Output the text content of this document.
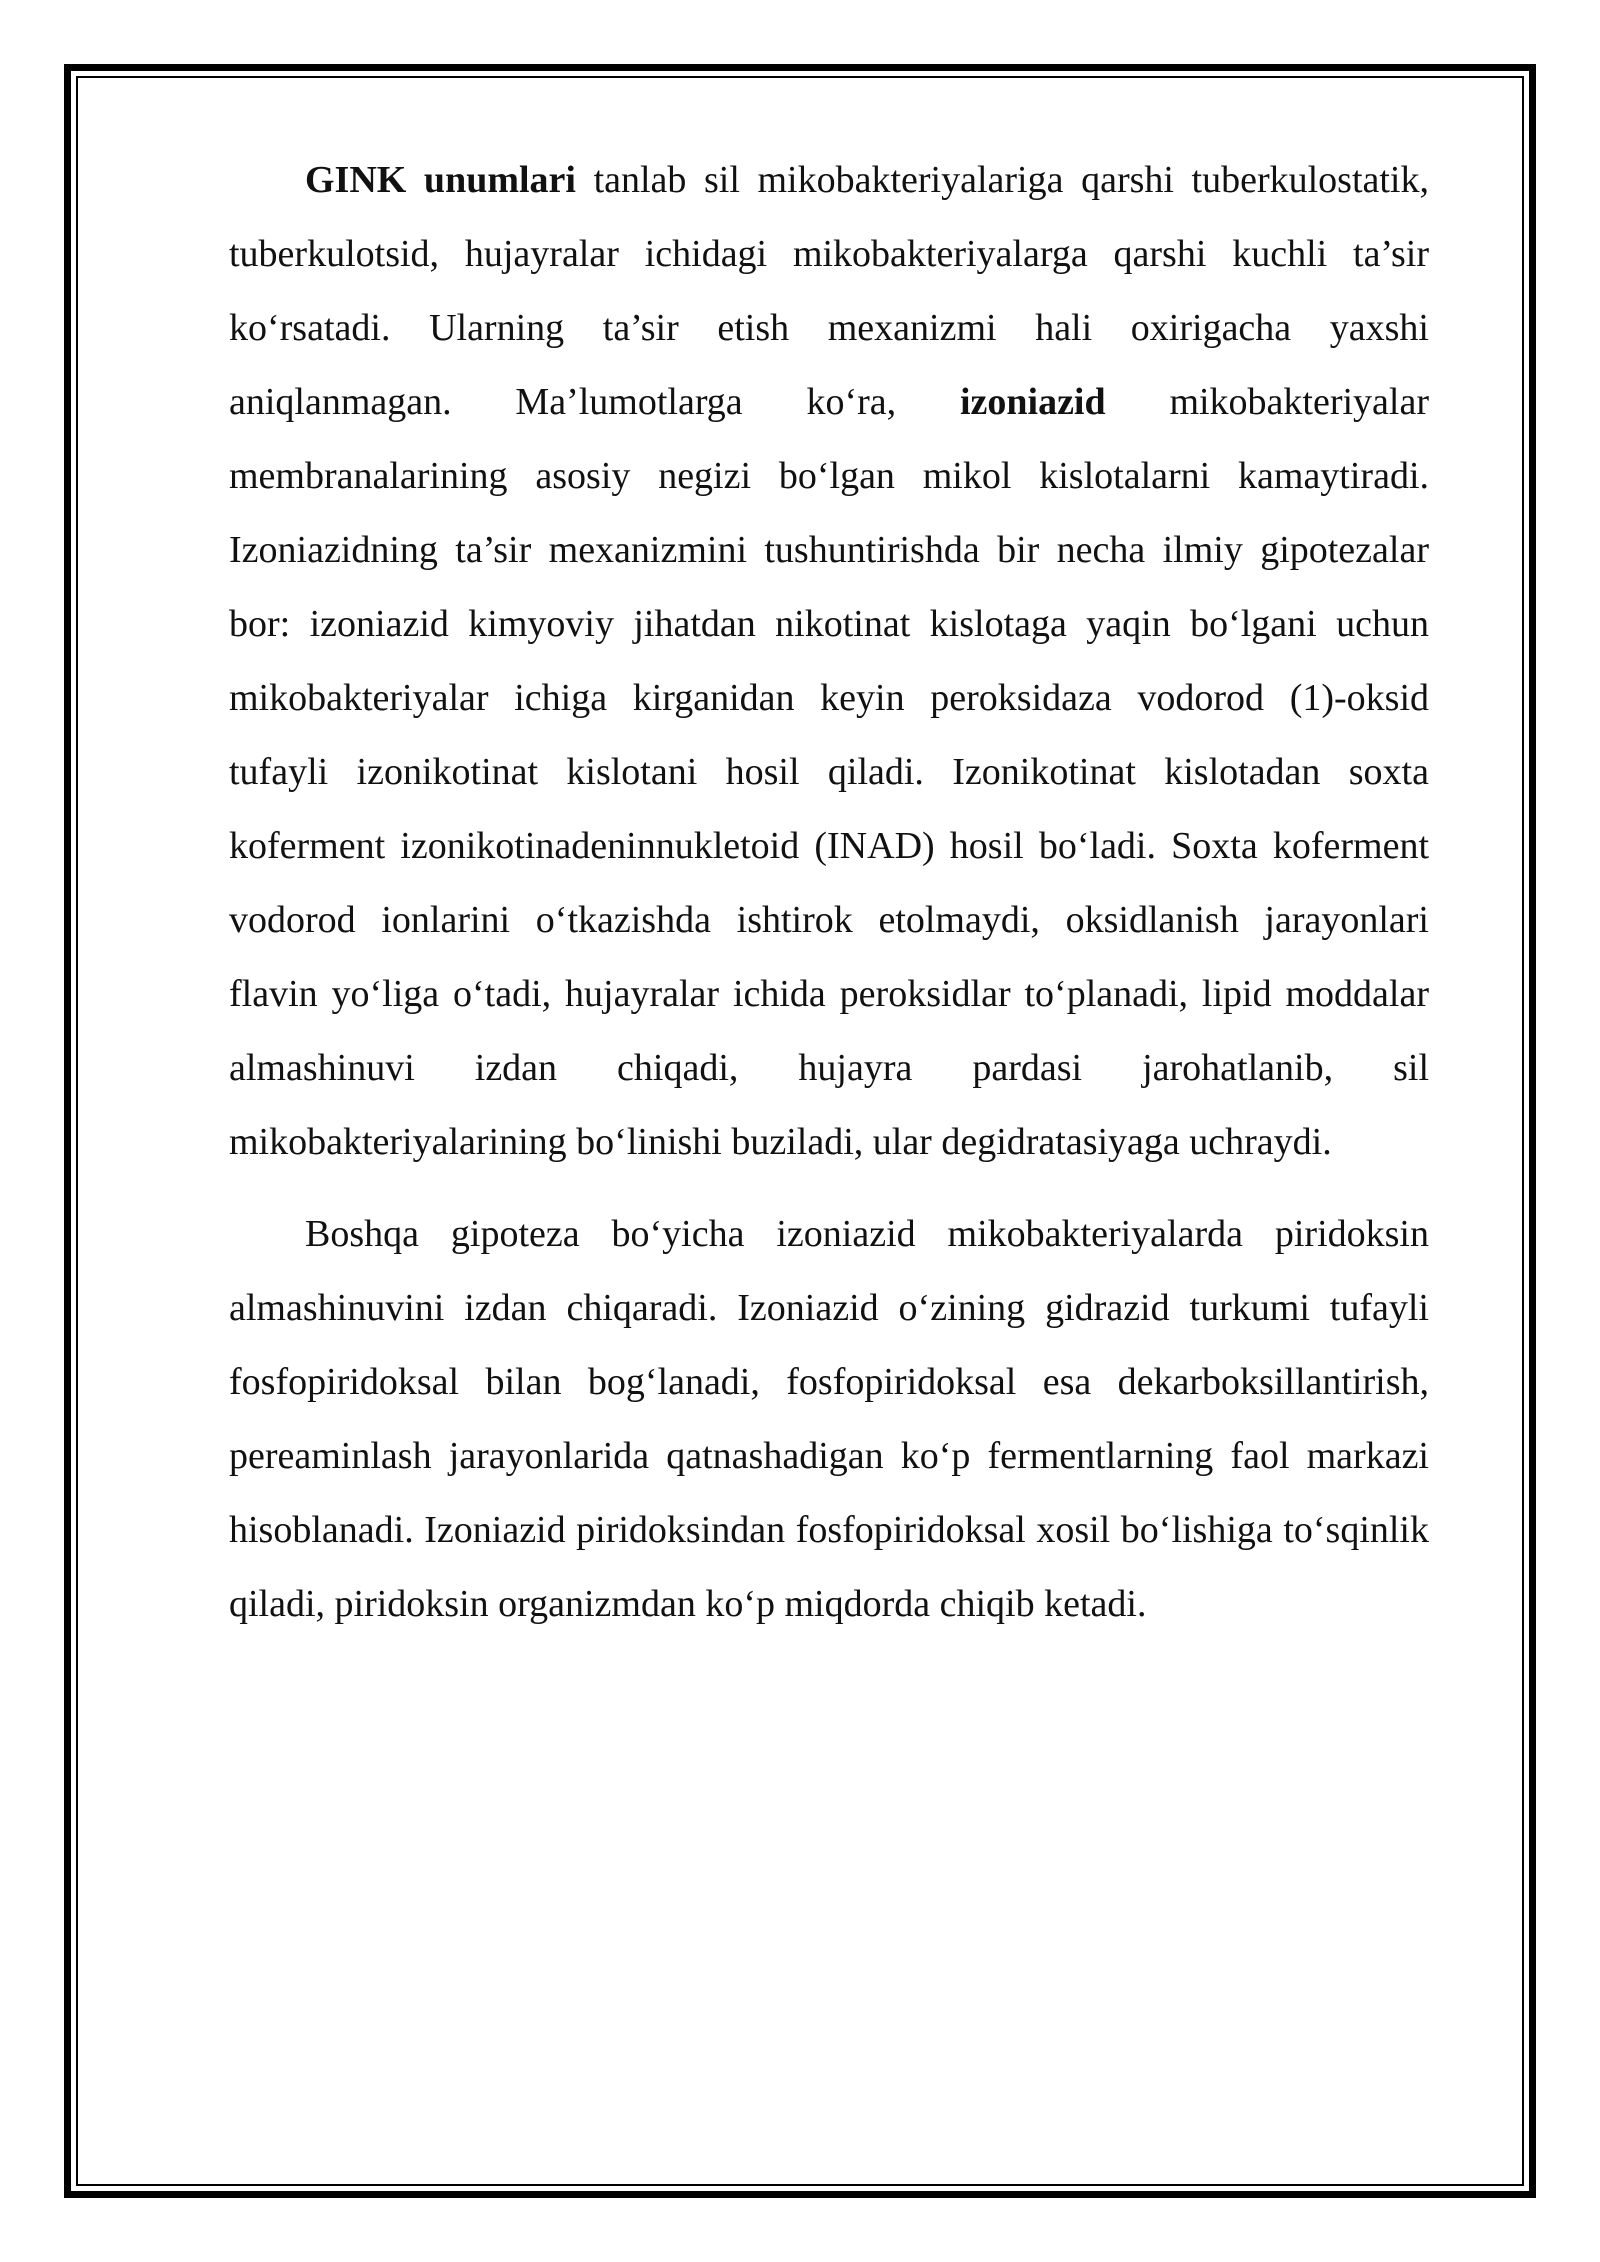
GINK unumlari tanlab sil mikobakteriyalariga qarshi tuberkulostatik, tuberkulotsid, hujayralar ichidagi mikobakteriyalarga qarshi kuchli ta’sir ko‘rsatadi. Ularning ta’sir etish mexanizmi hali oxirigacha yaxshi aniqlanmagan. Ma’lumotlarga ko‘ra, izoniazid mikobakteriyalar membranalarining asosiy negizi bo‘lgan mikol kislotalarni kamaytiradi. Izoniazidning ta’sir mexanizmini tushuntirishda bir necha ilmiy gipotezalar bor: izoniazid kimyoviy jihatdan nikotinat kislotaga yaqin bo‘lgani uchun mikobakteriyalar ichiga kirganidan keyin peroksidaza vodorod (1)-oksid tufayli izonikotinat kislotani hosil qiladi. Izonikotinat kislotadan soxta koferment izonikotinadeninnukletoid (INAD) hosil bo‘ladi. Soxta koferment vodorod ionlarini o‘tkazishda ishtirok etolmaydi, oksidlanish jarayonlari flavin yo‘liga o‘tadi, hujayralar ichida peroksidlar to‘planadi, lipid moddalar almashinuvi izdan chiqadi, hujayra pardasi jarohatlanib, sil mikobakteriyalarining bo‘linishi buziladi, ular degidratasiyaga uchraydi.

Boshqa gipoteza bo‘yicha izoniazid mikobakteriyalarda piridoksin almashinuvini izdan chiqaradi. Izoniazid o‘zining gidrazid turkumi tufayli fosfopiridoksal bilan bog‘lanadi, fosfopiridoksal esa dekarboksillantirish, pereaminlash jarayonlarida qatnashadigan ko‘p fermentlarning faol markazi hisoblanadi. Izoniazid piridoksindan fosfopiridoksal xosil bo‘lishiga to‘sqinlik qiladi, piridoksin organizmdan ko‘p miqdorda chiqib ketadi.
